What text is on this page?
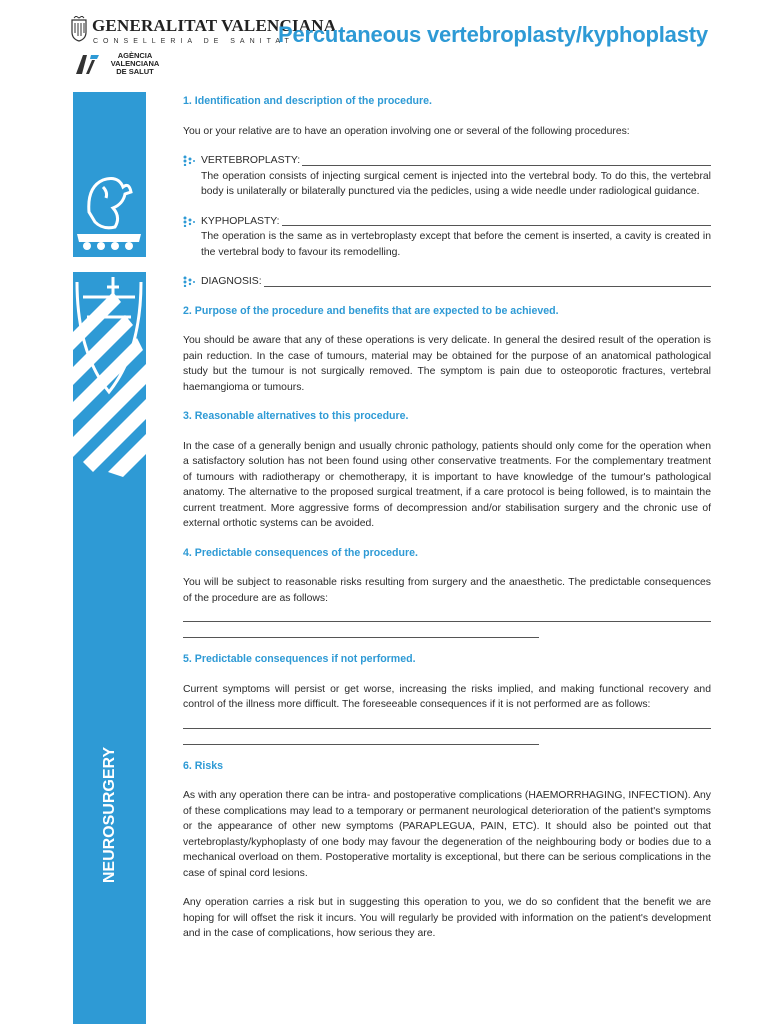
GENERALITAT VALENCIANA
CONSELLERIA DE SANITAT
AGÈNCIA
VALENCIANA
DE SALUT
Percutaneous vertebroplasty/kyphoplasty
NEUROSURGERY
1. Identification and description of the procedure.
You or your relative are to have an operation involving one or several of the following procedures:
VERTEBROPLASTY:
The operation consists of injecting surgical cement is injected into the vertebral body. To do this, the vertebral body is unilaterally or bilaterally punctured via the pedicles, using a wide needle under radiological guidance.
KYPHOPLASTY:
The operation is the same as in vertebroplasty except that before the cement is inserted, a cavity is created in the vertebral body to favour its remodelling.
DIAGNOSIS:
2. Purpose of the procedure and benefits that are expected to be achieved.
You should be aware that any of these operations is very delicate. In general the desired result of the operation is pain reduction. In the case of tumours, material may be obtained for the purpose of an anatomical pathological study but the tumour is not surgically removed. The symptom is pain due to osteoporotic fractures, vertebral haemangioma or tumours.
3. Reasonable alternatives to this procedure.
In the case of a generally benign and usually chronic pathology, patients should only come for the operation when a satisfactory solution has not been found using other conservative treatments. For the complementary treatment of tumours with radiotherapy or chemotherapy, it is important to have knowledge of the tumour's pathological anatomy. The alternative to the proposed surgical treatment, if a care protocol is being followed, is to maintain the current treatment. More aggressive forms of decompression and/or stabilisation surgery and the chronic use of external orthotic systems can be avoided.
4. Predictable consequences of the procedure.
You will be subject to reasonable risks resulting from surgery and the anaesthetic. The predictable consequences of the procedure are as follows:
5. Predictable consequences if not performed.
Current symptoms will persist or get worse, increasing the risks implied, and making functional recovery and control of the illness more difficult. The foreseeable consequences if it is not performed are as follows:
6. Risks
As with any operation there can be intra- and postoperative complications (HAEMORRHAGING, INFECTION). Any of these complications may lead to a temporary or permanent neurological deterioration of the patient's symptoms or the appearance of other new symptoms (PARAPLEGUA, PAIN, ETC). It should also be pointed out that vertebroplasty/kyphoplasty of one body may favour the degeneration of the neighbouring body or bodies due to a mechanical overload on them. Postoperative mortality is exceptional, but there can be serious complications in the case of spinal cord lesions.
Any operation carries a risk but in suggesting this operation to you, we do so confident that the benefit we are hoping for will offset the risk it incurs. You will regularly be provided with information on the patient's development and in the case of complications, how serious they are.
